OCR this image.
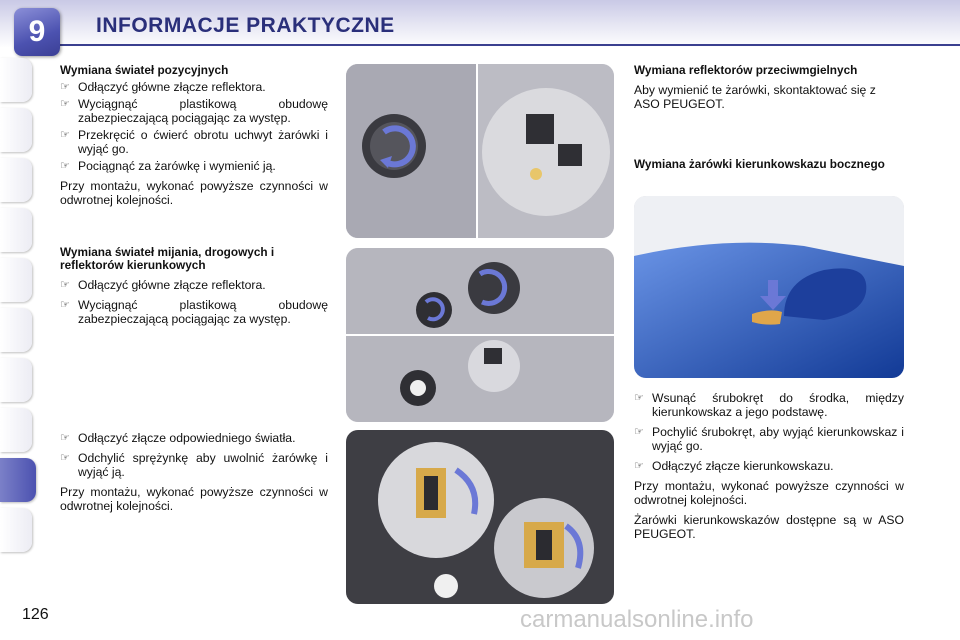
9	INFORMACJE PRAKTYCZNE
Wymiana świateł pozycyjnych
☞ Odłączyć główne złącze reflektora.
☞ Wyciągnąć plastikową obudowę zabezpieczającą pociągając za występ.
☞ Przekręcić o ćwierć obrotu uchwyt żarówki i wyjąć go.
☞ Pociągnąć za żarówkę i wymienić ją.
Przy montażu, wykonać powyższe czynności w odwrotnej kolejności.
Wymiana świateł mijania, drogowych i reflektorów kierunkowych
☞ Odłączyć główne złącze reflektora.
☞ Wyciągnąć plastikową obudowę zabezpieczającą pociągając za występ.
☞ Odłączyć złącze odpowiedniego światła.
☞ Odchylić sprężynkę aby uwolnić żarówkę i wyjąć ją.
Przy montażu, wykonać powyższe czynności w odwrotnej kolejności.
Wymiana reflektorów przeciwmgielnych
Aby wymienić te żarówki, skontaktować się z ASO PEUGEOT.
Wymiana żarówki kierunkowskazu bocznego
☞ Wsunąć śrubokręt do środka, między kierunkowskaz a jego podstawę.
☞ Pochylić śrubokręt, aby wyjąć kierunkowskaz i wyjąć go.
☞ Odłączyć złącze kierunkowskazu.
Przy montażu, wykonać powyższe czynności w odwrotnej kolejności.
Żarówki kierunkowskazów dostępne są w ASO PEUGEOT.
126	carmanualsonline.info
